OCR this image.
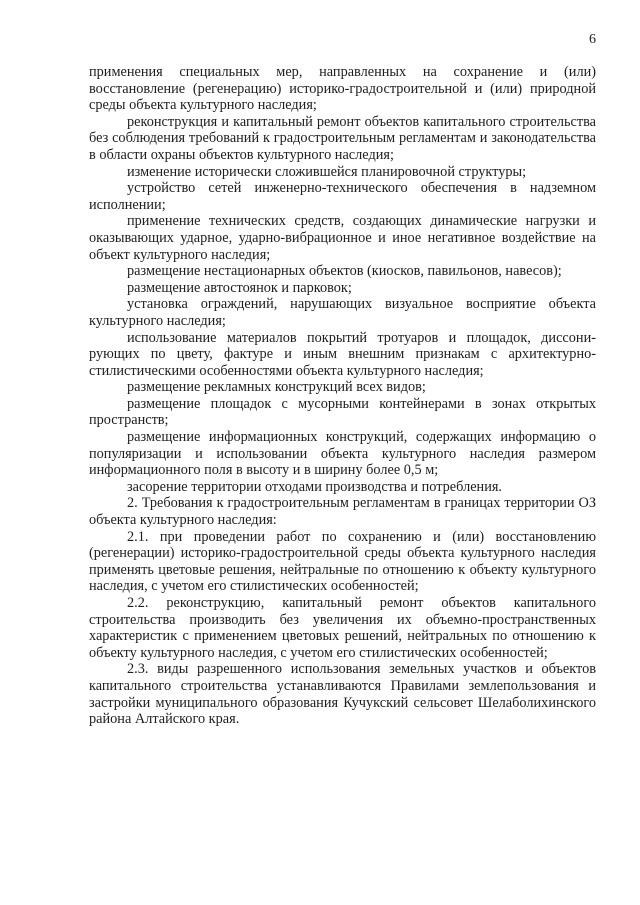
6

применения специальных мер, направленных на сохранение и (или) восстановление (регенерацию) историко-градостроительной и (или) природной среды объекта культурного наследия;

реконструкция и капитальный ремонт объектов капитального строительства без соблюдения требований к градостроительным регламентам и законодательства в области охраны объектов культурного наследия;

изменение исторически сложившейся планировочной структуры;

устройство сетей инженерно-технического обеспечения в надземном исполнении;

применение технических средств, создающих динамические нагрузки и оказывающих ударное, ударно-вибрационное и иное негативное воздействие на объект культурного наследия;

размещение нестационарных объектов (киосков, павильонов, навесов);

размещение автостоянок и парковок;

установка ограждений, нарушающих визуальное восприятие объекта культурного наследия;

использование материалов покрытий тротуаров и площадок, диссонирующих по цвету, фактуре и иным внешним признакам с архитектурно-стилистическими особенностями объекта культурного наследия;

размещение рекламных конструкций всех видов;

размещение площадок с мусорными контейнерами в зонах открытых пространств;

размещение информационных конструкций, содержащих информацию о популяризации и использовании объекта культурного наследия размером информационного поля в высоту и в ширину более 0,5 м;

засорение территории отходами производства и потребления.

2. Требования к градостроительным регламентам в границах территории ОЗ объекта культурного наследия:

2.1. при проведении работ по сохранению и (или) восстановлению (регенерации) историко-градостроительной среды объекта культурного наследия применять цветовые решения, нейтральные по отношению к объекту культурного наследия, с учетом его стилистических особенностей;

2.2. реконструкцию, капитальный ремонт объектов капитального строительства производить без увеличения их объемно-пространственных характеристик с применением цветовых решений, нейтральных по отношению к объекту культурного наследия, с учетом его стилистических особенностей;

2.3. виды разрешенного использования земельных участков и объектов капитального строительства устанавливаются Правилами землепользования и застройки муниципального образования Кучукский сельсовет Шелаболихинского района Алтайского края.
